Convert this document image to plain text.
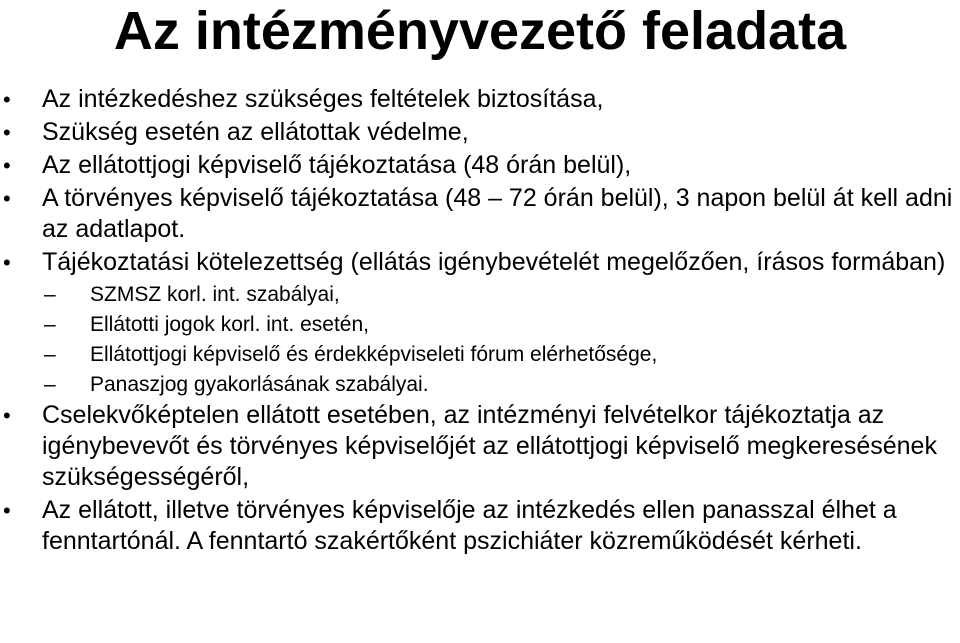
Az intézményvezető feladata
• Az intézkedéshez szükséges feltételek biztosítása,
• Szükség esetén az ellátottak védelme,
• Az ellátottjogi képviselő tájékoztatása (48 órán belül),
• A törvényes képviselő tájékoztatása (48 – 72 órán belül), 3 napon belül át kell adni az adatlapot.
• Tájékoztatási kötelezettség (ellátás igénybevételét megelőzően, írásos formában)
– SZMSZ korl. int. szabályai,
– Ellátotti jogok korl. int. esetén,
– Ellátottjogi képviselő és érdekképviseleti fórum elérhetősége,
– Panaszjog gyakorlásának szabályai.
• Cselekvőképtelen ellátott esetében, az intézményi felvételkor tájékoztatja az igénybevevőt és törvényes képviselőjét az ellátottjogi képviselő megkeresésének szükségességéről,
• Az ellátott, illetve törvényes képviselője az intézkedés ellen panasszal élhet a fenntartónál. A fenntartó szakértőként pszichiáter közreműködését kérheti.
